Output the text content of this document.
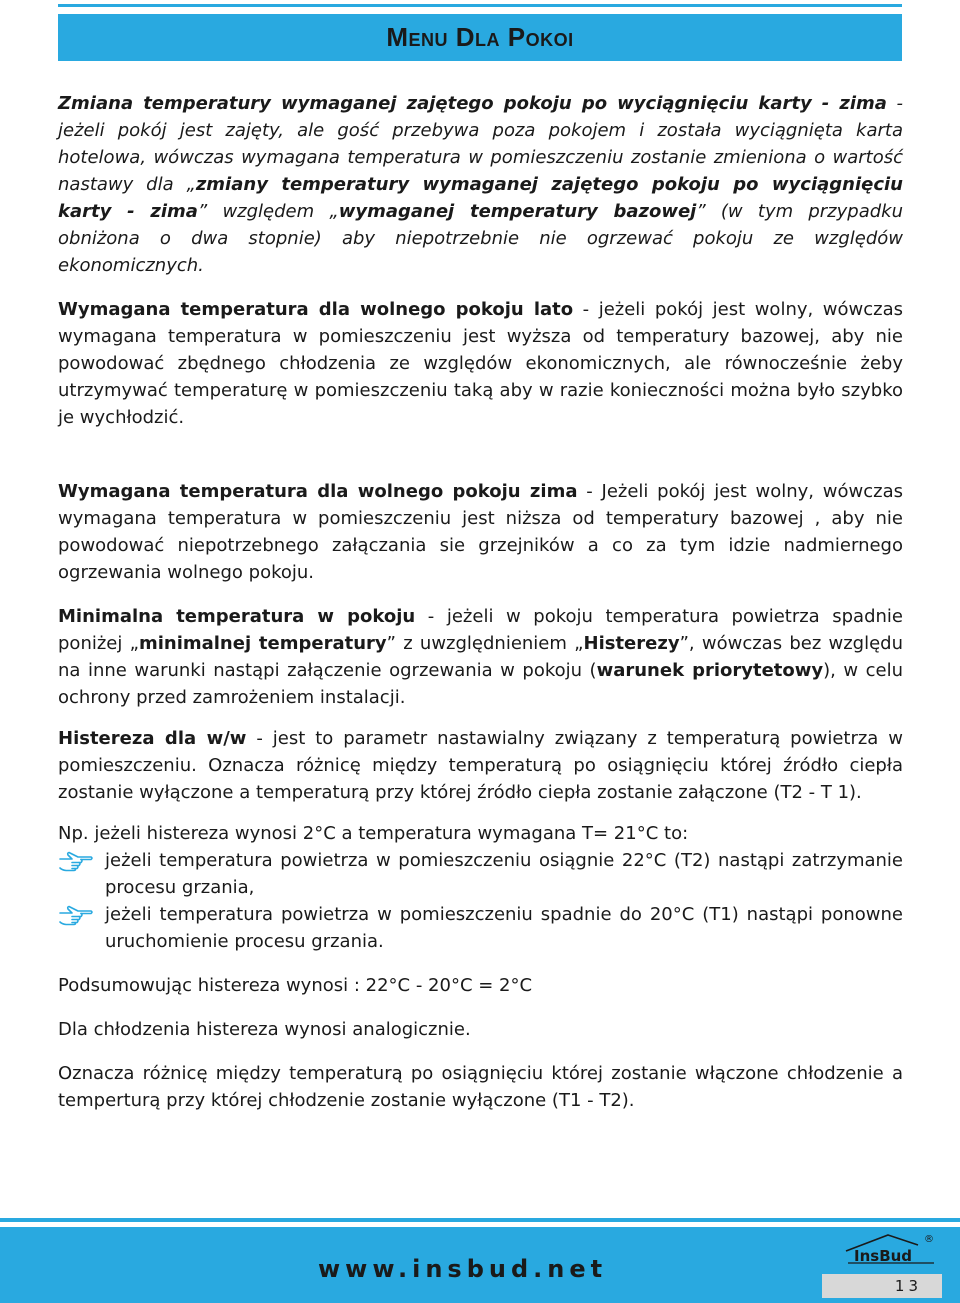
Menu Dla Pokoi

Zmiana temperatury wymaganej zajętego pokoju po wyciągnięciu karty - zima - jeżeli pokój jest zajęty, ale gość przebywa poza pokojem i została wyciągnięta karta hotelowa, wówczas wymagana temperatura w pomieszczeniu zostanie zmieniona o wartość nastawy dla „zmiany temperatury wymaganej zajętego pokoju po wyciągnięciu karty - zima” względem „wymaganej temperatury bazowej” (w tym przypadku obniżona o dwa stopnie) aby niepotrzebnie nie ogrzewać pokoju ze względów ekonomicznych.

Wymagana temperatura dla wolnego pokoju lato - jeżeli pokój jest wolny, wówczas wymagana temperatura w pomieszczeniu jest wyższa od temperatury bazowej, aby nie powodować zbędnego chłodzenia ze względów ekonomicznych, ale równocześnie żeby utrzymywać temperaturę w pomieszczeniu taką aby w razie konieczności można było szybko je wychłodzić.

Wymagana temperatura dla wolnego pokoju zima - Jeżeli pokój jest wolny, wówczas wymagana temperatura w pomieszczeniu jest niższa od temperatury bazowej , aby nie powodować niepotrzebnego załączania sie grzejników a co za tym idzie nadmiernego ogrzewania wolnego pokoju.

Minimalna temperatura w pokoju - jeżeli w pokoju temperatura powietrza spadnie poniżej „minimalnej temperatury” z uwzględnieniem „Histerezy”, wówczas bez względu na inne warunki nastąpi załączenie ogrzewania w pokoju (warunek priorytetowy), w celu ochrony przed zamrożeniem instalacji.

Histereza dla w/w - jest to parametr nastawialny związany z temperaturą powietrza w pomieszczeniu. Oznacza różnicę między temperaturą po osiągnięciu której źródło ciepła zostanie wyłączone a temperaturą przy której źródło ciepła zostanie załączone (T2 - T 1).

Np. jeżeli histereza wynosi 2°C a temperatura wymagana T= 21°C to:

jeżeli temperatura powietrza w pomieszczeniu osiągnie 22°C (T2) nastąpi zatrzymanie procesu grzania,
jeżeli temperatura powietrza w pomieszczeniu spadnie do 20°C (T1) nastąpi ponowne uruchomienie procesu grzania.

Podsumowując histereza wynosi : 22°C - 20°C = 2°C

Dla chłodzenia histereza wynosi analogicznie.

Oznacza różnicę między temperaturą po osiągnięciu której zostanie włączone chłodzenie a temperturą przy której chłodzenie zostanie wyłączone (T1 - T2).

www.insbud.net	InsBud
®
13
